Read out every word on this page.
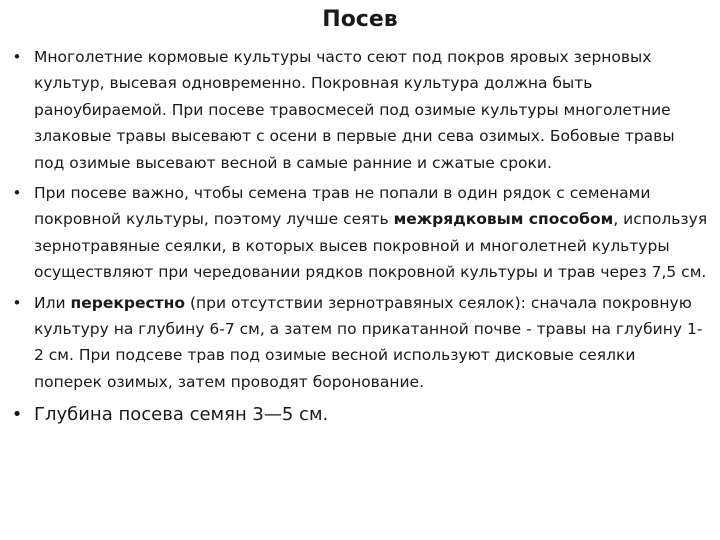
Посев
• Многолетние кормовые культуры часто сеют под покров яровых зерновых культур, высевая одновременно. Покровная культура должна быть раноубираемой. При посеве травосмесей под озимые культуры многолетние злаковые травы высевают с осени в первые дни сева озимых. Бобовые травы под озимые высевают весной в самые ранние и сжатые сроки.
• При посеве важно, чтобы семена трав не попали в один рядок с семенами покровной культуры, поэтому лучше сеять межрядковым способом, используя зернотравяные сеялки, в которых высев покровной и многолетней культуры осуществляют при чередовании рядков покровной культуры и трав через 7,5 см.
• Или перекрестно (при отсутствии зернотравяных сеялок): сначала покровную культуру на глубину 6-7 см, а затем по прикатанной почве - травы на глубину 1-2 см. При подсеве трав под озимые весной используют дисковые сеялки поперек озимых, затем проводят боронование.
• Глубина посева семян 3—5 см.
